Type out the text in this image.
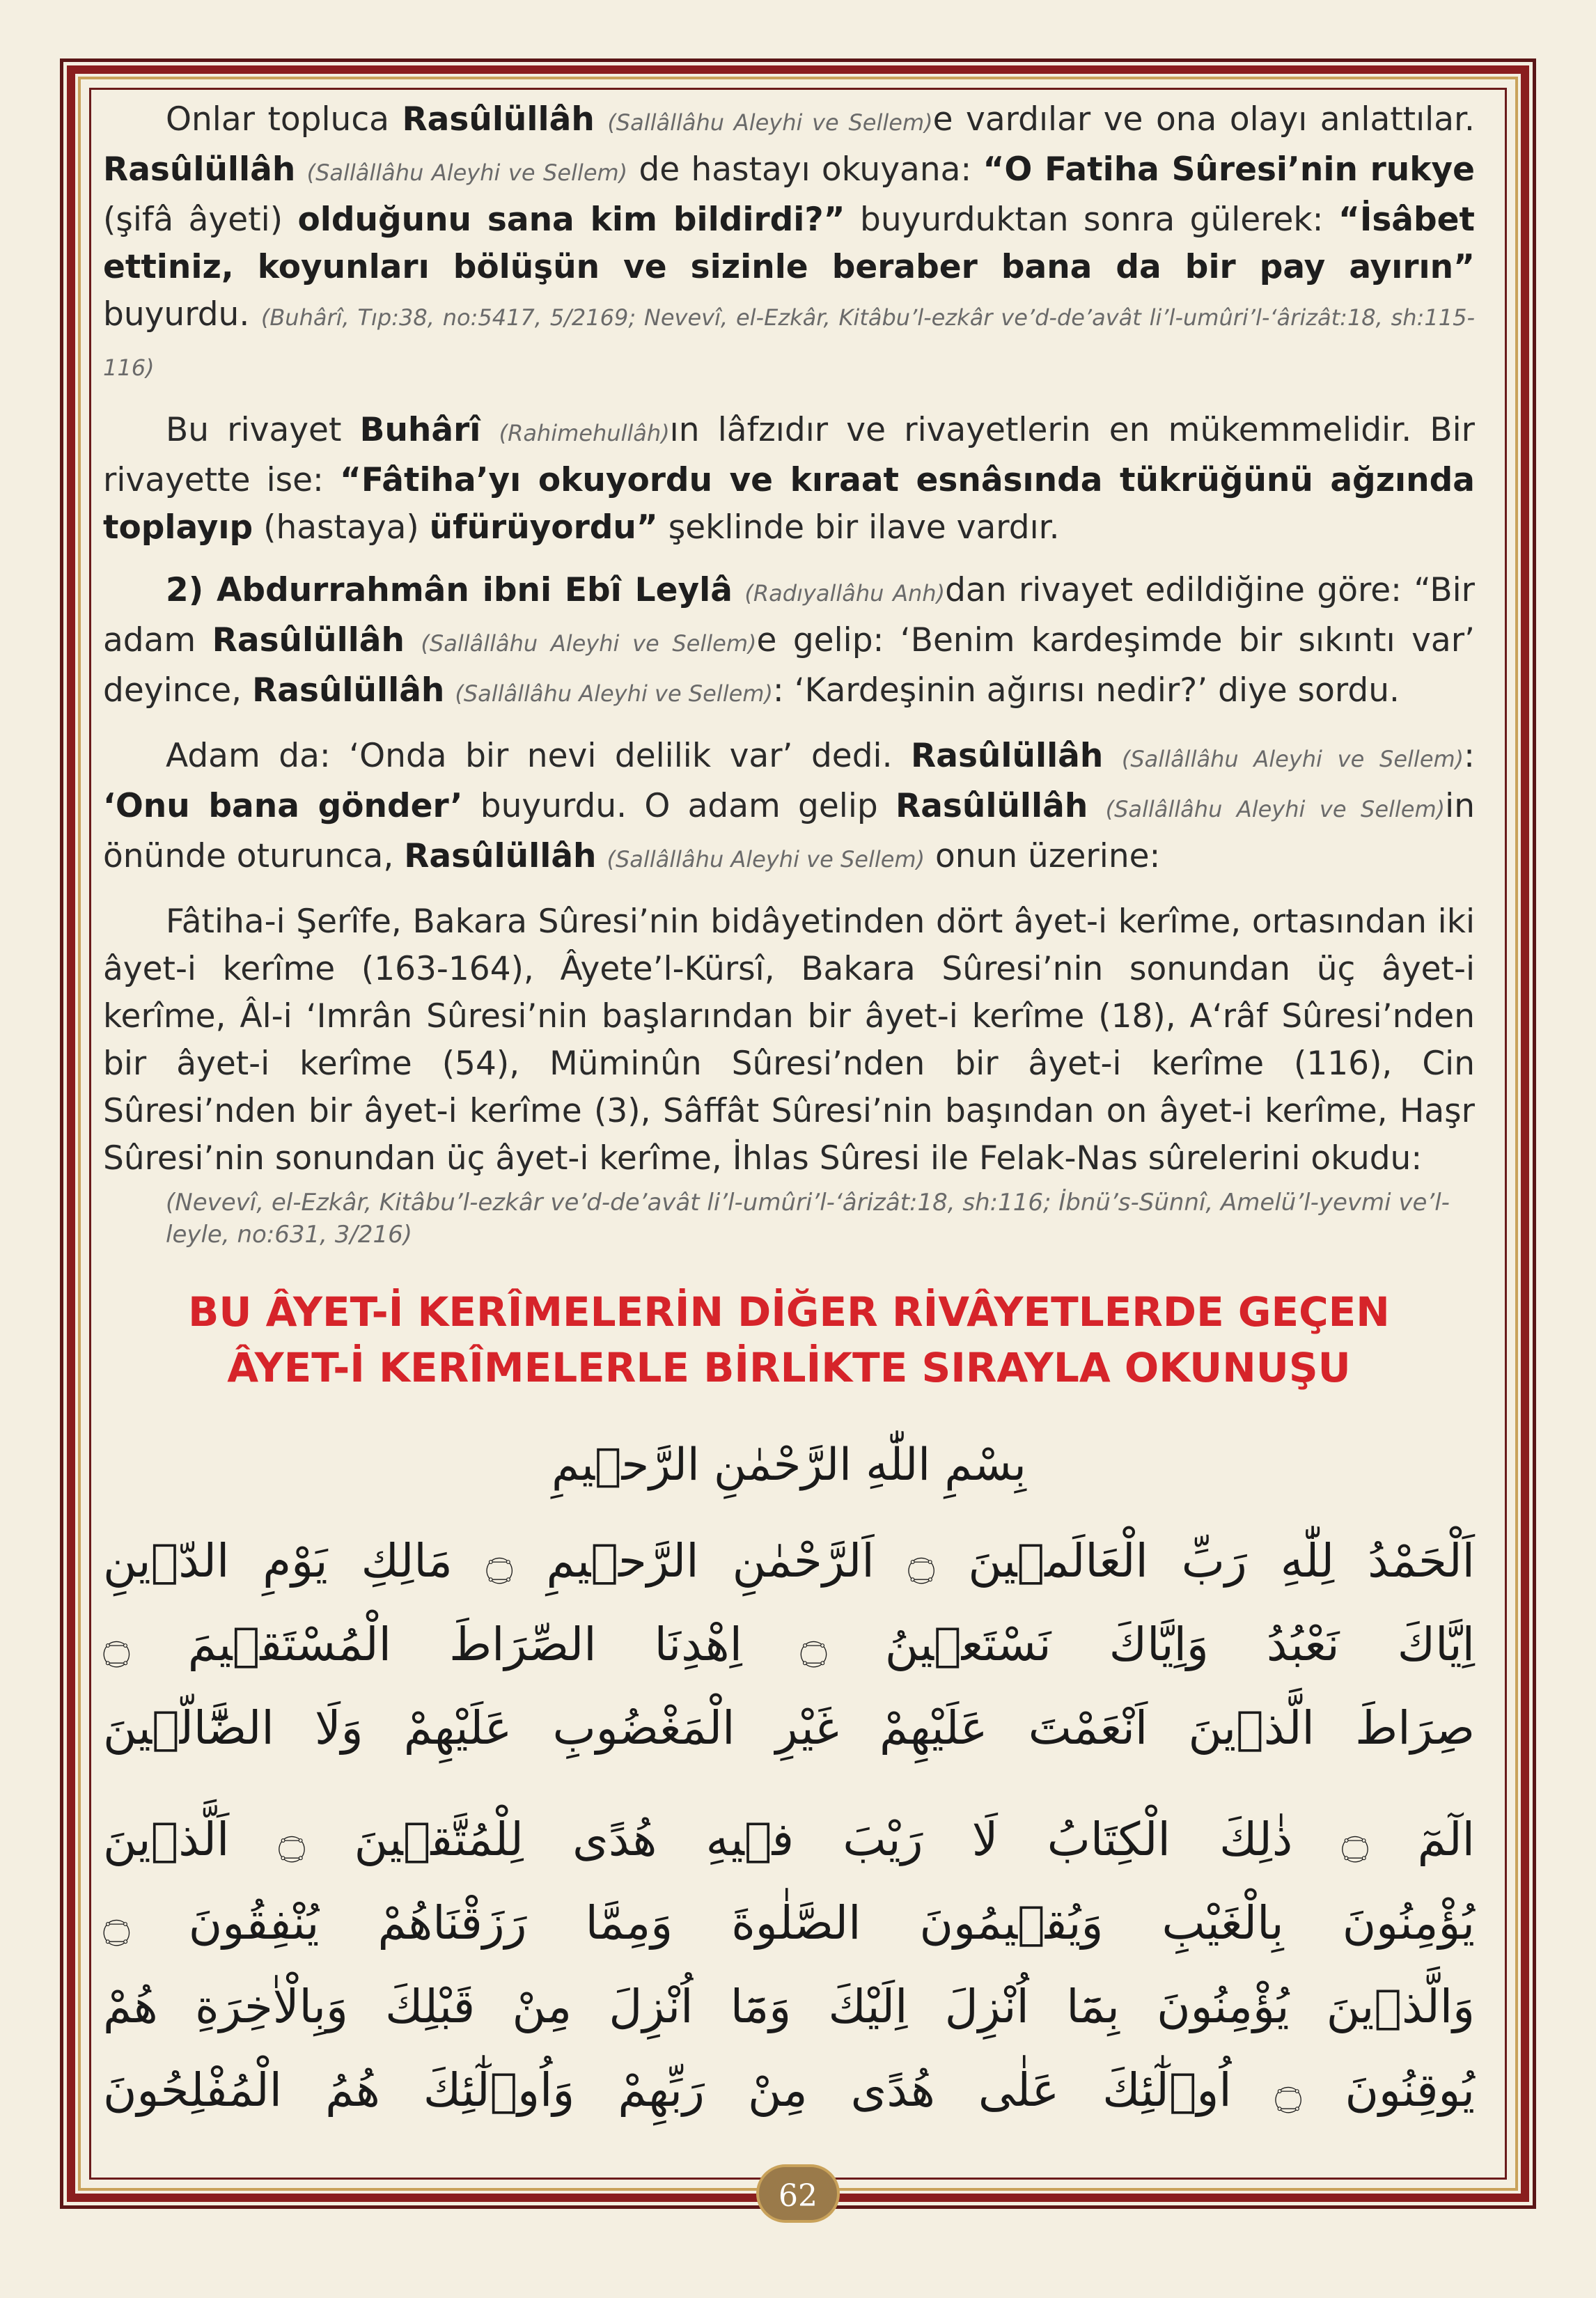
Onlar topluca Rasûlüllâh (Sallâllâhu Aleyhi ve Sellem)e vardılar ve ona olayı anlattılar. Rasûlüllâh (Sallâllâhu Aleyhi ve Sellem) de hastayı okuyana: “O Fatiha Sûresi’nin rukye (şifâ âyeti) olduğunu sana kim bildirdi?” buyurduktan sonra gülerek: “İsâbet ettiniz, koyunları bölüşün ve sizinle beraber bana da bir pay ayırın” buyurdu. (Buhârî, Tıp:38, no:5417, 5/2169; Nevevî, el-Ezkâr, Kitâbu’l-ezkâr ve’d-de’avât li’l-umûri’l-‘ârizât:18, sh:115-116)

Bu rivayet Buhârî (Rahimehullâh)ın lâfzıdır ve rivayetlerin en mükemmelidir. Bir rivayette ise: “Fâtiha’yı okuyordu ve kıraat esnâsında tükrüğünü ağzında toplayıp (hastaya) üfürüyordu” şeklinde bir ilave vardır.

2) Abdurrahmân ibni Ebî Leylâ (Radıyallâhu Anh)dan rivayet edildiğine göre: “Bir adam Rasûlüllâh (Sallâllâhu Aleyhi ve Sellem)e gelip: ‘Benim kardeşimde bir sıkıntı var’ deyince, Rasûlüllâh (Sallâllâhu Aleyhi ve Sellem): ‘Kardeşinin ağırısı nedir?’ diye sordu.

Adam da: ‘Onda bir nevi delilik var’ dedi. Rasûlüllâh (Sallâllâhu Aleyhi ve Sellem): ‘Onu bana gönder’ buyurdu. O adam gelip Rasûlüllâh (Sallâllâhu Aleyhi ve Sellem)in önünde oturunca, Rasûlüllâh (Sallâllâhu Aleyhi ve Sellem) onun üzerine:

Fâtiha-i Şerîfe, Bakara Sûresi’nin bidâyetinden dört âyet-i kerîme, ortasından iki âyet-i kerîme (163-164), Âyete’l-Kürsî, Bakara Sûresi’nin sonundan üç âyet-i kerîme, Âl-i ‘Imrân Sûresi’nin başlarından bir âyet-i kerîme (18), A‘râf Sûresi’nden bir âyet-i kerîme (54), Müminûn Sûresi’nden bir âyet-i kerîme (116), Cin Sûresi’nden bir âyet-i kerîme (3), Sâffât Sûresi’nin başından on âyet-i kerîme, Haşr Sûresi’nin sonundan üç âyet-i kerîme, İhlas Sûresi ile Felak-Nas sûrelerini okudu:

(Nevevî, el-Ezkâr, Kitâbu’l-ezkâr ve’d-de’avât li’l-umûri’l-‘ârizât:18, sh:116; İbnü’s-Sünnî, Amelü’l-yevmi ve’l-leyle, no:631, 3/216)
BU ÂYET-İ KERÎMELERİN DİĞER RİVÂYETLERDE GEÇEN
ÂYET-İ KERÎMELERLE BİRLİKTE SIRAYLA OKUNUŞU
بِسْمِ اللّٰهِ الرَّحْمٰنِ الرَّح۪يمِ
اَلْحَمْدُ لِلّٰهِ رَبِّ الْعَالَم۪ينَ ۝ اَلرَّحْمٰنِ الرَّح۪يمِ ۝ مَالِكِ يَوْمِ الدّ۪ينِ
اِيَّاكَ نَعْبُدُ وَاِيَّاكَ نَسْتَع۪ينُ ۝ اِهْدِنَا الصِّرَاطَ الْمُسْتَق۪يمَ ۝
صِرَاطَ الَّذ۪ينَ اَنْعَمْتَ عَلَيْهِمْ غَيْرِ الْمَغْضُوبِ عَلَيْهِمْ وَلَا الضَّٓالّ۪ينَ
الٓمٓ ۝ ذٰلِكَ الْكِتَابُ لَا رَيْبَ ف۪يهِ هُدًى لِلْمُتَّق۪ينَ ۝ اَلَّذ۪ينَ
يُؤْمِنُونَ بِالْغَيْبِ وَيُق۪يمُونَ الصَّلٰوةَ وَمِمَّا رَزَقْنَاهُمْ يُنْفِقُونَ ۝
وَالَّذ۪ينَ يُؤْمِنُونَ بِمَٓا اُنْزِلَ اِلَيْكَ وَمَٓا اُنْزِلَ مِنْ قَبْلِكَ وَبِالْاٰخِرَةِ هُمْ
يُوقِنُونَ ۝ اُو۬لٰٓئِكَ عَلٰى هُدًى مِنْ رَبِّهِمْ وَاُو۬لٰٓئِكَ هُمُ الْمُفْلِحُونَ
62
